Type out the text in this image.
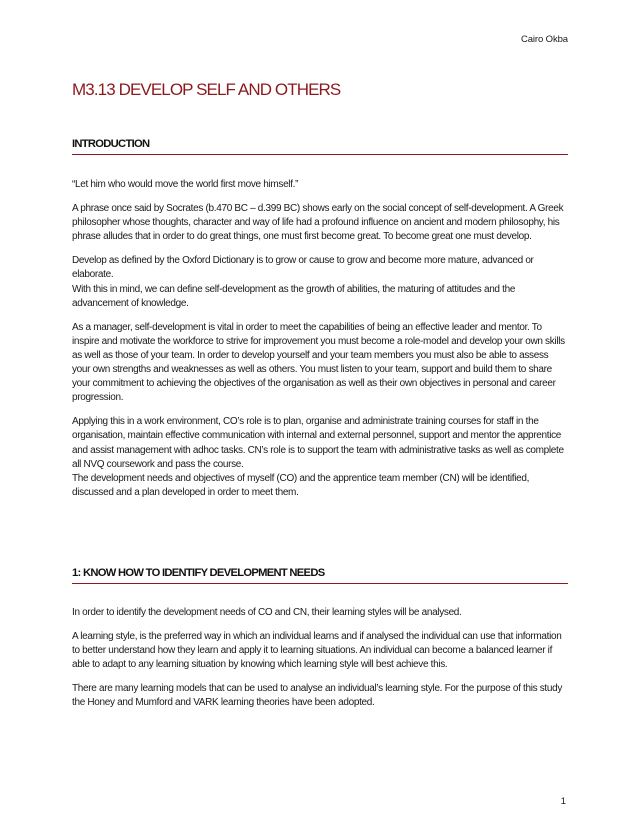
Cairo Okba
M3.13 DEVELOP SELF AND OTHERS
INTRODUCTION

“Let him who would move the world first move himself.”

A phrase once said by Socrates (b.470 BC – d.399 BC) shows early on the social concept of self-development. A Greek philosopher whose thoughts, character and way of life had a profound influence on ancient and modern philosophy, his phrase alludes that in order to do great things, one must first become great. To become great one must develop.

Develop as defined by the Oxford Dictionary is to grow or cause to grow and become more mature, advanced or elaborate.

With this in mind, we can define self-development as the growth of abilities, the maturing of attitudes and the advancement of knowledge.

As a manager, self-development is vital in order to meet the capabilities of being an effective leader and mentor. To inspire and motivate the workforce to strive for improvement you must become a role-model and develop your own skills as well as those of your team. In order to develop yourself and your team members you must also be able to assess your own strengths and weaknesses as well as others. You must listen to your team, support and build them to share your commitment to achieving the objectives of the organisation as well as their own objectives in personal and career progression.

Applying this in a work environment, CO’s role is to plan, organise and administrate training courses for staff in the organisation, maintain effective communication with internal and external personnel, support and mentor the apprentice and assist management with adhoc tasks. CN’s role is to support the team with administrative tasks as well as complete all NVQ coursework and pass the course.

The development needs and objectives of myself (CO) and the apprentice team member (CN) will be identified, discussed and a plan developed in order to meet them.

1: KNOW HOW TO IDENTIFY DEVELOPMENT NEEDS

In order to identify the development needs of CO and CN, their learning styles will be analysed.

A learning style, is the preferred way in which an individual learns and if analysed the individual can use that information to better understand how they learn and apply it to learning situations. An individual can become a balanced learner if able to adapt to any learning situation by knowing which learning style will best achieve this.

There are many learning models that can be used to analyse an individual’s learning style. For the purpose of this study the Honey and Mumford and VARK learning theories have been adopted.

1
